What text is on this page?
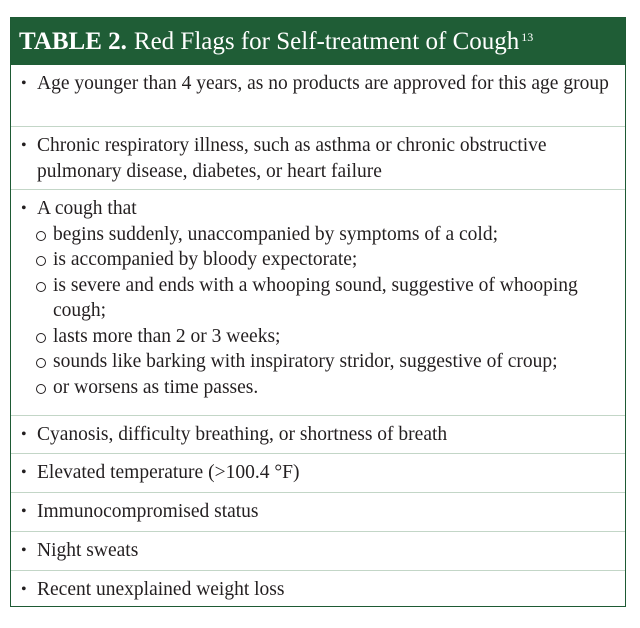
TABLE 2. Red Flags for Self-treatment of Cough$^{13}$
• Age younger than 4 years, as no products are approved for this age group
• Chronic respiratory illness, such as asthma or chronic obstructive pulmonary disease, diabetes, or heart failure
• A cough that
begins suddenly, unaccompanied by symptoms of a cold;
is accompanied by bloody expectorate;
is severe and ends with a whooping sound, suggestive of whooping cough;
lasts more than 2 or 3 weeks;
sounds like barking with inspiratory stridor, suggestive of croup;
or worsens as time passes.
• Cyanosis, difficulty breathing, or shortness of breath
• Elevated temperature (>100.4 °F)
• Immunocompromised status
• Night sweats
• Recent unexplained weight loss
